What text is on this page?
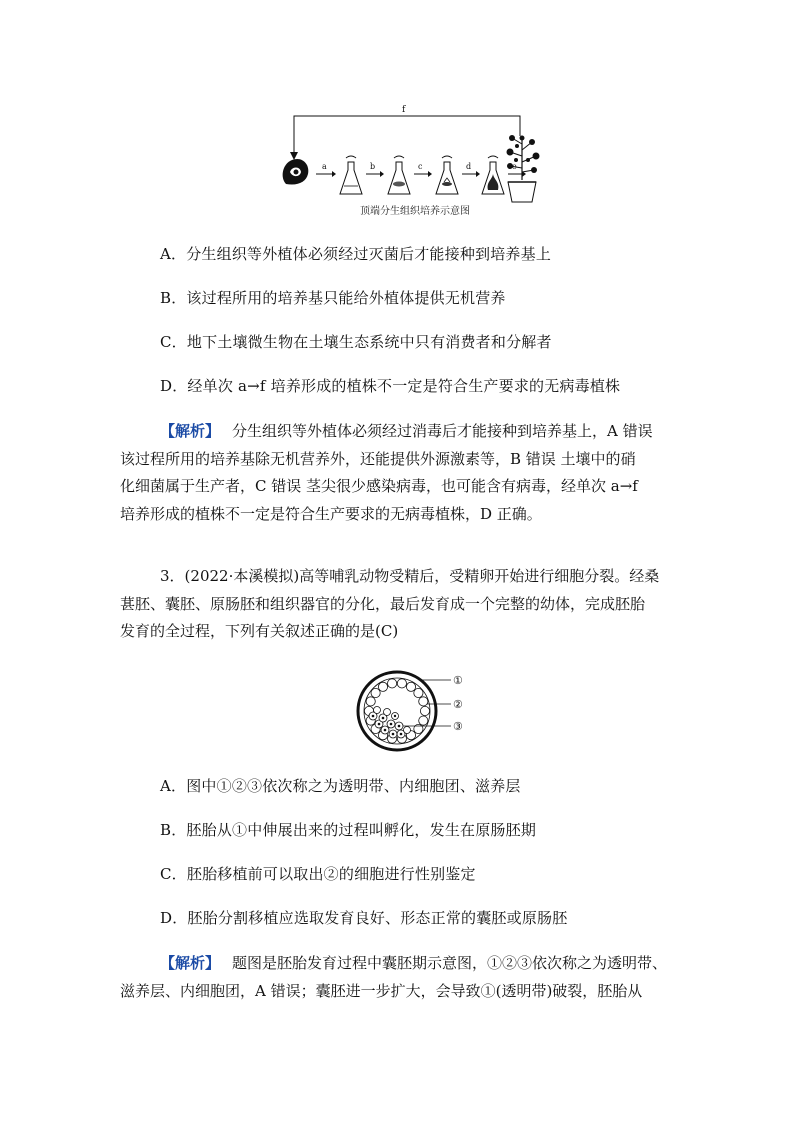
f
a	b	c	d
顶端分生组织培养示意图
A．分生组织等外植体必须经过灭菌后才能接种到培养基上
B．该过程所用的培养基只能给外植体提供无机营养
C．地下土壤微生物在土壤生态系统中只有消费者和分解者
D．经单次 a→f 培养形成的植株不一定是符合生产要求的无病毒植株

【解析】 分生组织等外植体必须经过消毒后才能接种到培养基上，A 错误

该过程所用的培养基除无机营养外，还能提供外源激素等，B 错误 土壤中的硝

化细菌属于生产者，C 错误 茎尖很少感染病毒，也可能含有病毒，经单次 a→f

培养形成的植株不一定是符合生产要求的无病毒植株，D 正确。

3．(2022·本溪模拟)高等哺乳动物受精后，受精卵开始进行细胞分裂。经桑

葚胚、囊胚、原肠胚和组织器官的分化，最后发育成一个完整的幼体，完成胚胎

发育的全过程，下列有关叙述正确的是(C)

①
②
③
A．图中①②③依次称之为透明带、内细胞团、滋养层
B．胚胎从①中伸展出来的过程叫孵化，发生在原肠胚期
C．胚胎移植前可以取出②的细胞进行性别鉴定
D．胚胎分割移植应选取发育良好、形态正常的囊胚或原肠胚

【解析】 题图是胚胎发育过程中囊胚期示意图，①②③依次称之为透明带、

滋养层、内细胞团，A 错误；囊胚进一步扩大，会导致①(透明带)破裂，胚胎从
